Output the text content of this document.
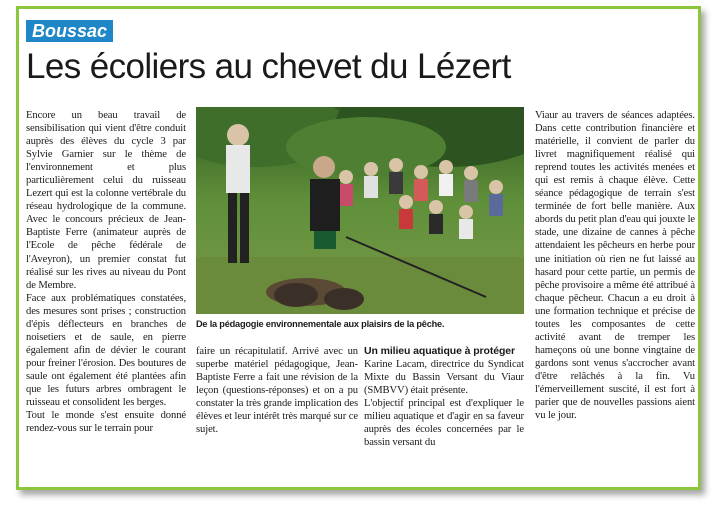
Boussac
Les écoliers au chevet du Lézert

Encore un beau travail de sensibilisation qui vient d'être conduit auprès des élèves du cycle 3 par Sylvie Garnier sur le thème de l'environnement et plus particulièrement celui du ruisseau Lezert qui est la colonne vertébrale du réseau hydrologique de la commune. Avec le concours précieux de Jean-Baptiste Ferre (animateur auprès de l'Ecole de pêche fédérale de l'Aveyron), un premier constat fut réalisé sur les rives au niveau du Pont de Membre.

Face aux problématiques constatées, des mesures sont prises ; construction d'épis déflecteurs en branches de noisetiers et de saule, en pierre également afin de dévier le courant pour freiner l'érosion. Des boutures de saule ont également été plantées afin que les futurs arbres ombragent le ruisseau et consolident les berges.

Tout le monde s'est ensuite donné rendez-vous sur le terrain pour

De la pédagogie environnementale aux plaisirs de la pêche.

faire un récapitulatif. Arrivé avec un superbe matériel pédagogique, Jean-Baptiste Ferre a fait une révision de la leçon (questions-réponses) et on a pu constater la très grande implication des élèves et leur intérêt très marqué sur ce sujet.

Un milieu aquatique à protéger

Karine Lacam, directrice du Syndicat Mixte du Bassin Versant du Viaur (SMBVV) était présente.

L'objectif principal est d'expliquer le milieu aquatique et d'agir en sa faveur auprès des écoles concernées par le bassin versant du

Viaur au travers de séances adaptées. Dans cette contribution financière et matérielle, il convient de parler du livret magnifiquement réalisé qui reprend toutes les activités menées et qui est remis à chaque élève. Cette séance pédagogique de terrain s'est terminée de fort belle manière. Aux abords du petit plan d'eau qui jouxte le stade, une dizaine de cannes à pêche attendaient les pêcheurs en herbe pour une initiation où rien ne fut laissé au hasard pour cette partie, un permis de pêche provisoire a même été attribué à chaque pêcheur. Chacun a eu droit à une formation technique et précise de toutes les composantes de cette activité avant de tremper les hameçons où une bonne vingtaine de gardons sont venus s'accrocher avant d'être relâchés à la fin. Vu l'émerveillement suscité, il est fort à parier que de nouvelles passions aient vu le jour.
